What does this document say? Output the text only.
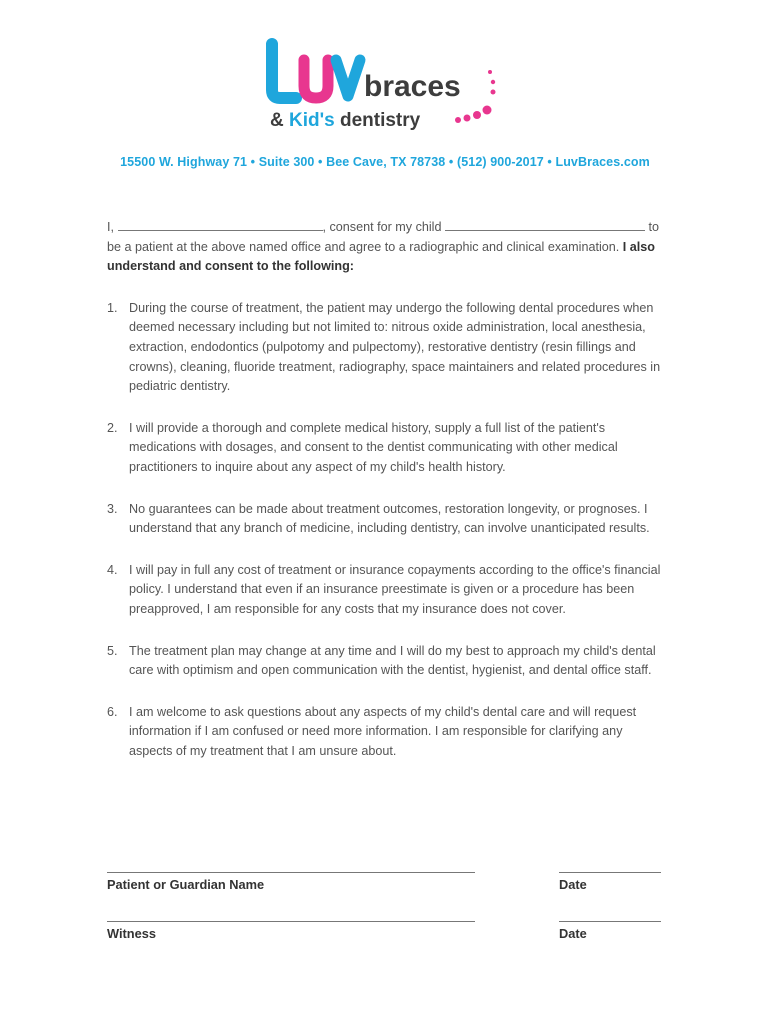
braces
& Kid's dentistry
15500 W. Highway 71 • Suite 300 • Bee Cave, TX 78738 • (512) 900-2017 • LuvBraces.com

I,	, consent for my child	to be a patient at the above named office and agree to a radiographic and clinical examination. I also understand and consent to the following:

1. During the course of treatment, the patient may undergo the following dental procedures when deemed necessary including but not limited to: nitrous oxide administration, local anesthesia, extraction, endodontics (pulpotomy and pulpectomy), restorative dentistry (resin fillings and crowns), cleaning, fluoride treatment, radiography, space maintainers and related procedures in pediatric dentistry.
2. I will provide a thorough and complete medical history, supply a full list of the patient's medications with dosages, and consent to the dentist communicating with other medical practitioners to inquire about any aspect of my child's health history.
3. No guarantees can be made about treatment outcomes, restoration longevity, or prognoses. I understand that any branch of medicine, including dentistry, can involve unanticipated results.
4. I will pay in full any cost of treatment or insurance copayments according to the office's financial policy. I understand that even if an insurance preestimate is given or a procedure has been preapproved, I am responsible for any costs that my insurance does not cover.
5. The treatment plan may change at any time and I will do my best to approach my child's dental care with optimism and open communication with the dentist, hygienist, and dental office staff.
6. I am welcome to ask questions about any aspects of my child's dental care and will request information if I am confused or need more information. I am responsible for clarifying any aspects of my treatment that I am unsure about.
Patient or Guardian Name	Date
Witness	Date
